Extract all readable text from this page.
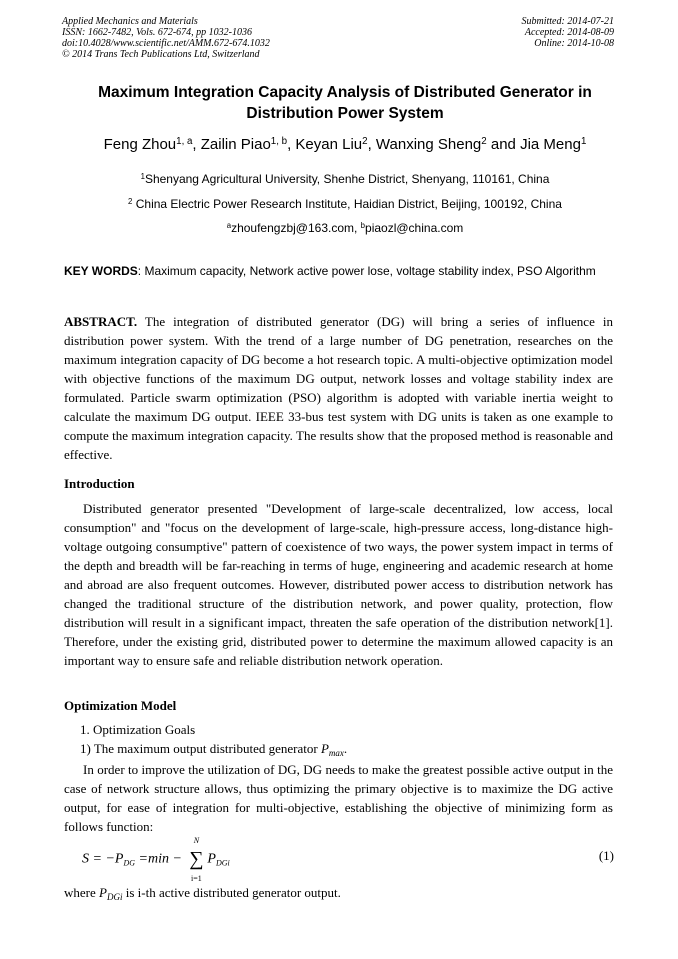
Applied Mechanics and Materials
ISSN: 1662-7482, Vols. 672-674, pp 1032-1036
doi:10.4028/www.scientific.net/AMM.672-674.1032
© 2014 Trans Tech Publications Ltd, Switzerland
Submitted: 2014-07-21
Accepted: 2014-08-09
Online: 2014-10-08
Maximum Integration Capacity Analysis of Distributed Generator in Distribution Power System
Feng Zhou$^{1, a}$, Zailin Piao$^{1, b}$, Keyan Liu$^2$, Wanxing Sheng$^2$ and Jia Meng$^1$
$^1$Shenyang Agricultural University, Shenhe District, Shenyang, 110161, China
$^2$ China Electric Power Research Institute, Haidian District, Beijing, 100192, China
$^a$zhoufengzbj@163.com, $^b$piaozl@china.com
KEY WORDS: Maximum capacity, Network active power lose, voltage stability index, PSO Algorithm
ABSTRACT. The integration of distributed generator (DG) will bring a series of influence in distribution power system. With the trend of a large number of DG penetration, researches on the maximum integration capacity of DG become a hot research topic. A multi-objective optimization model with objective functions of the maximum DG output, network losses and voltage stability index are formulated. Particle swarm optimization (PSO) algorithm is adopted with variable inertia weight to calculate the maximum DG output. IEEE 33-bus test system with DG units is taken as one example to compute the maximum integration capacity. The results show that the proposed method is reasonable and effective.
Introduction
Distributed generator presented "Development of large-scale decentralized, low access, local consumption" and "focus on the development of large-scale, high-pressure access, long-distance high-voltage outgoing consumptive" pattern of coexistence of two ways, the power system impact in terms of the depth and breadth will be far-reaching in terms of huge, engineering and academic research at home and abroad are also frequent outcomes. However, distributed power access to distribution network has changed the traditional structure of the distribution network, and power quality, protection, flow distribution will result in a significant impact, threaten the safe operation of the distribution network[1]. Therefore, under the existing grid, distributed power to determine the maximum allowed capacity is an important way to ensure safe and reliable distribution network operation.
Optimization Model
1. Optimization Goals
1) The maximum output distributed generator $P_{max}$.
In order to improve the utilization of DG, DG needs to make the greatest possible active output in the case of network structure allows, thus optimizing the primary objective is to maximize the DG active output, for ease of integration for multi-objective, establishing the objective of minimizing form as follows function:
$S = -P_{DG} =\min$ −
N
∑
i=1
$P_{DGi}$
(1)
where $P_{DGi}$ is i-th active distributed generator output.
